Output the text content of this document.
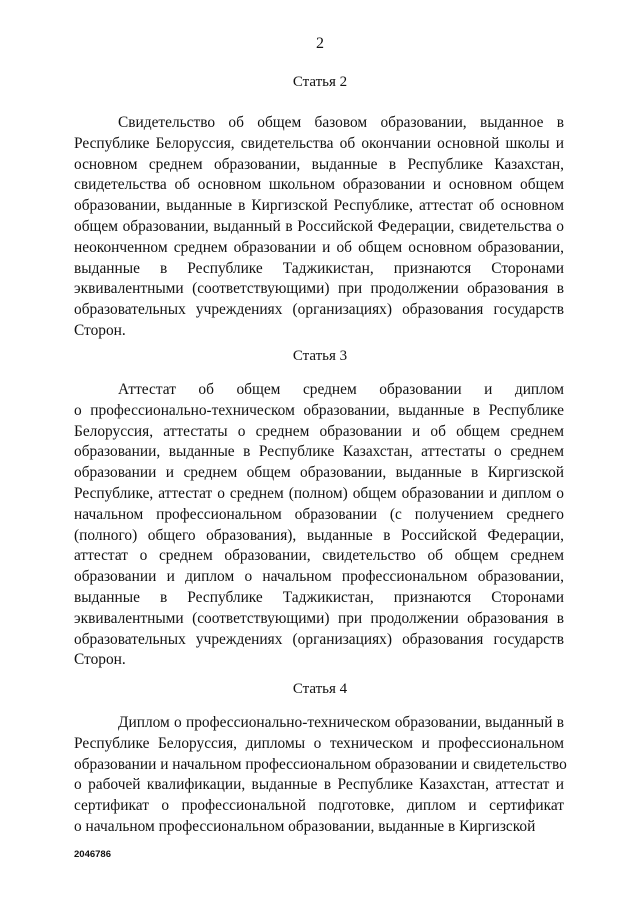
2
Статья 2
Свидетельство об общем базовом образовании, выданное в
Республике Белоруссия, свидетельства об окончании основной школы и
основном среднем образовании, выданные в Республике Казахстан,
свидетельства об основном школьном образовании и основном общем
образовании, выданные в Киргизской Республике, аттестат об основном
общем образовании, выданный в Российской Федерации, свидетельства о
неоконченном среднем образовании и об общем основном образовании,
выданные в Республике Таджикистан, признаются Сторонами
эквивалентными (соответствующими) при продолжении образования в
образовательных учреждениях (организациях) образования государств
Сторон.
Статья 3
Аттестат об общем среднем образовании и диплом
о профессионально-техническом образовании, выданные в Республике
Белоруссия, аттестаты о среднем образовании и об общем среднем
образовании, выданные в Республике Казахстан, аттестаты о среднем
образовании и среднем общем образовании, выданные в Киргизской
Республике, аттестат о среднем (полном) общем образовании и диплом о
начальном профессиональном образовании (с получением среднего
(полного) общего образования), выданные в Российской Федерации,
аттестат о среднем образовании, свидетельство об общем среднем
образовании и диплом о начальном профессиональном образовании,
выданные в Республике Таджикистан, признаются Сторонами
эквивалентными (соответствующими) при продолжении образования в
образовательных учреждениях (организациях) образования государств
Сторон.
Статья 4
Диплом о профессионально-техническом образовании, выданный в
Республике Белоруссия, дипломы о техническом и профессиональном
образовании и начальном профессиональном образовании и свидетельство
о рабочей квалификации, выданные в Республике Казахстан, аттестат и
сертификат о профессиональной подготовке, диплом и сертификат
о начальном профессиональном образовании, выданные в Киргизской
2046786
